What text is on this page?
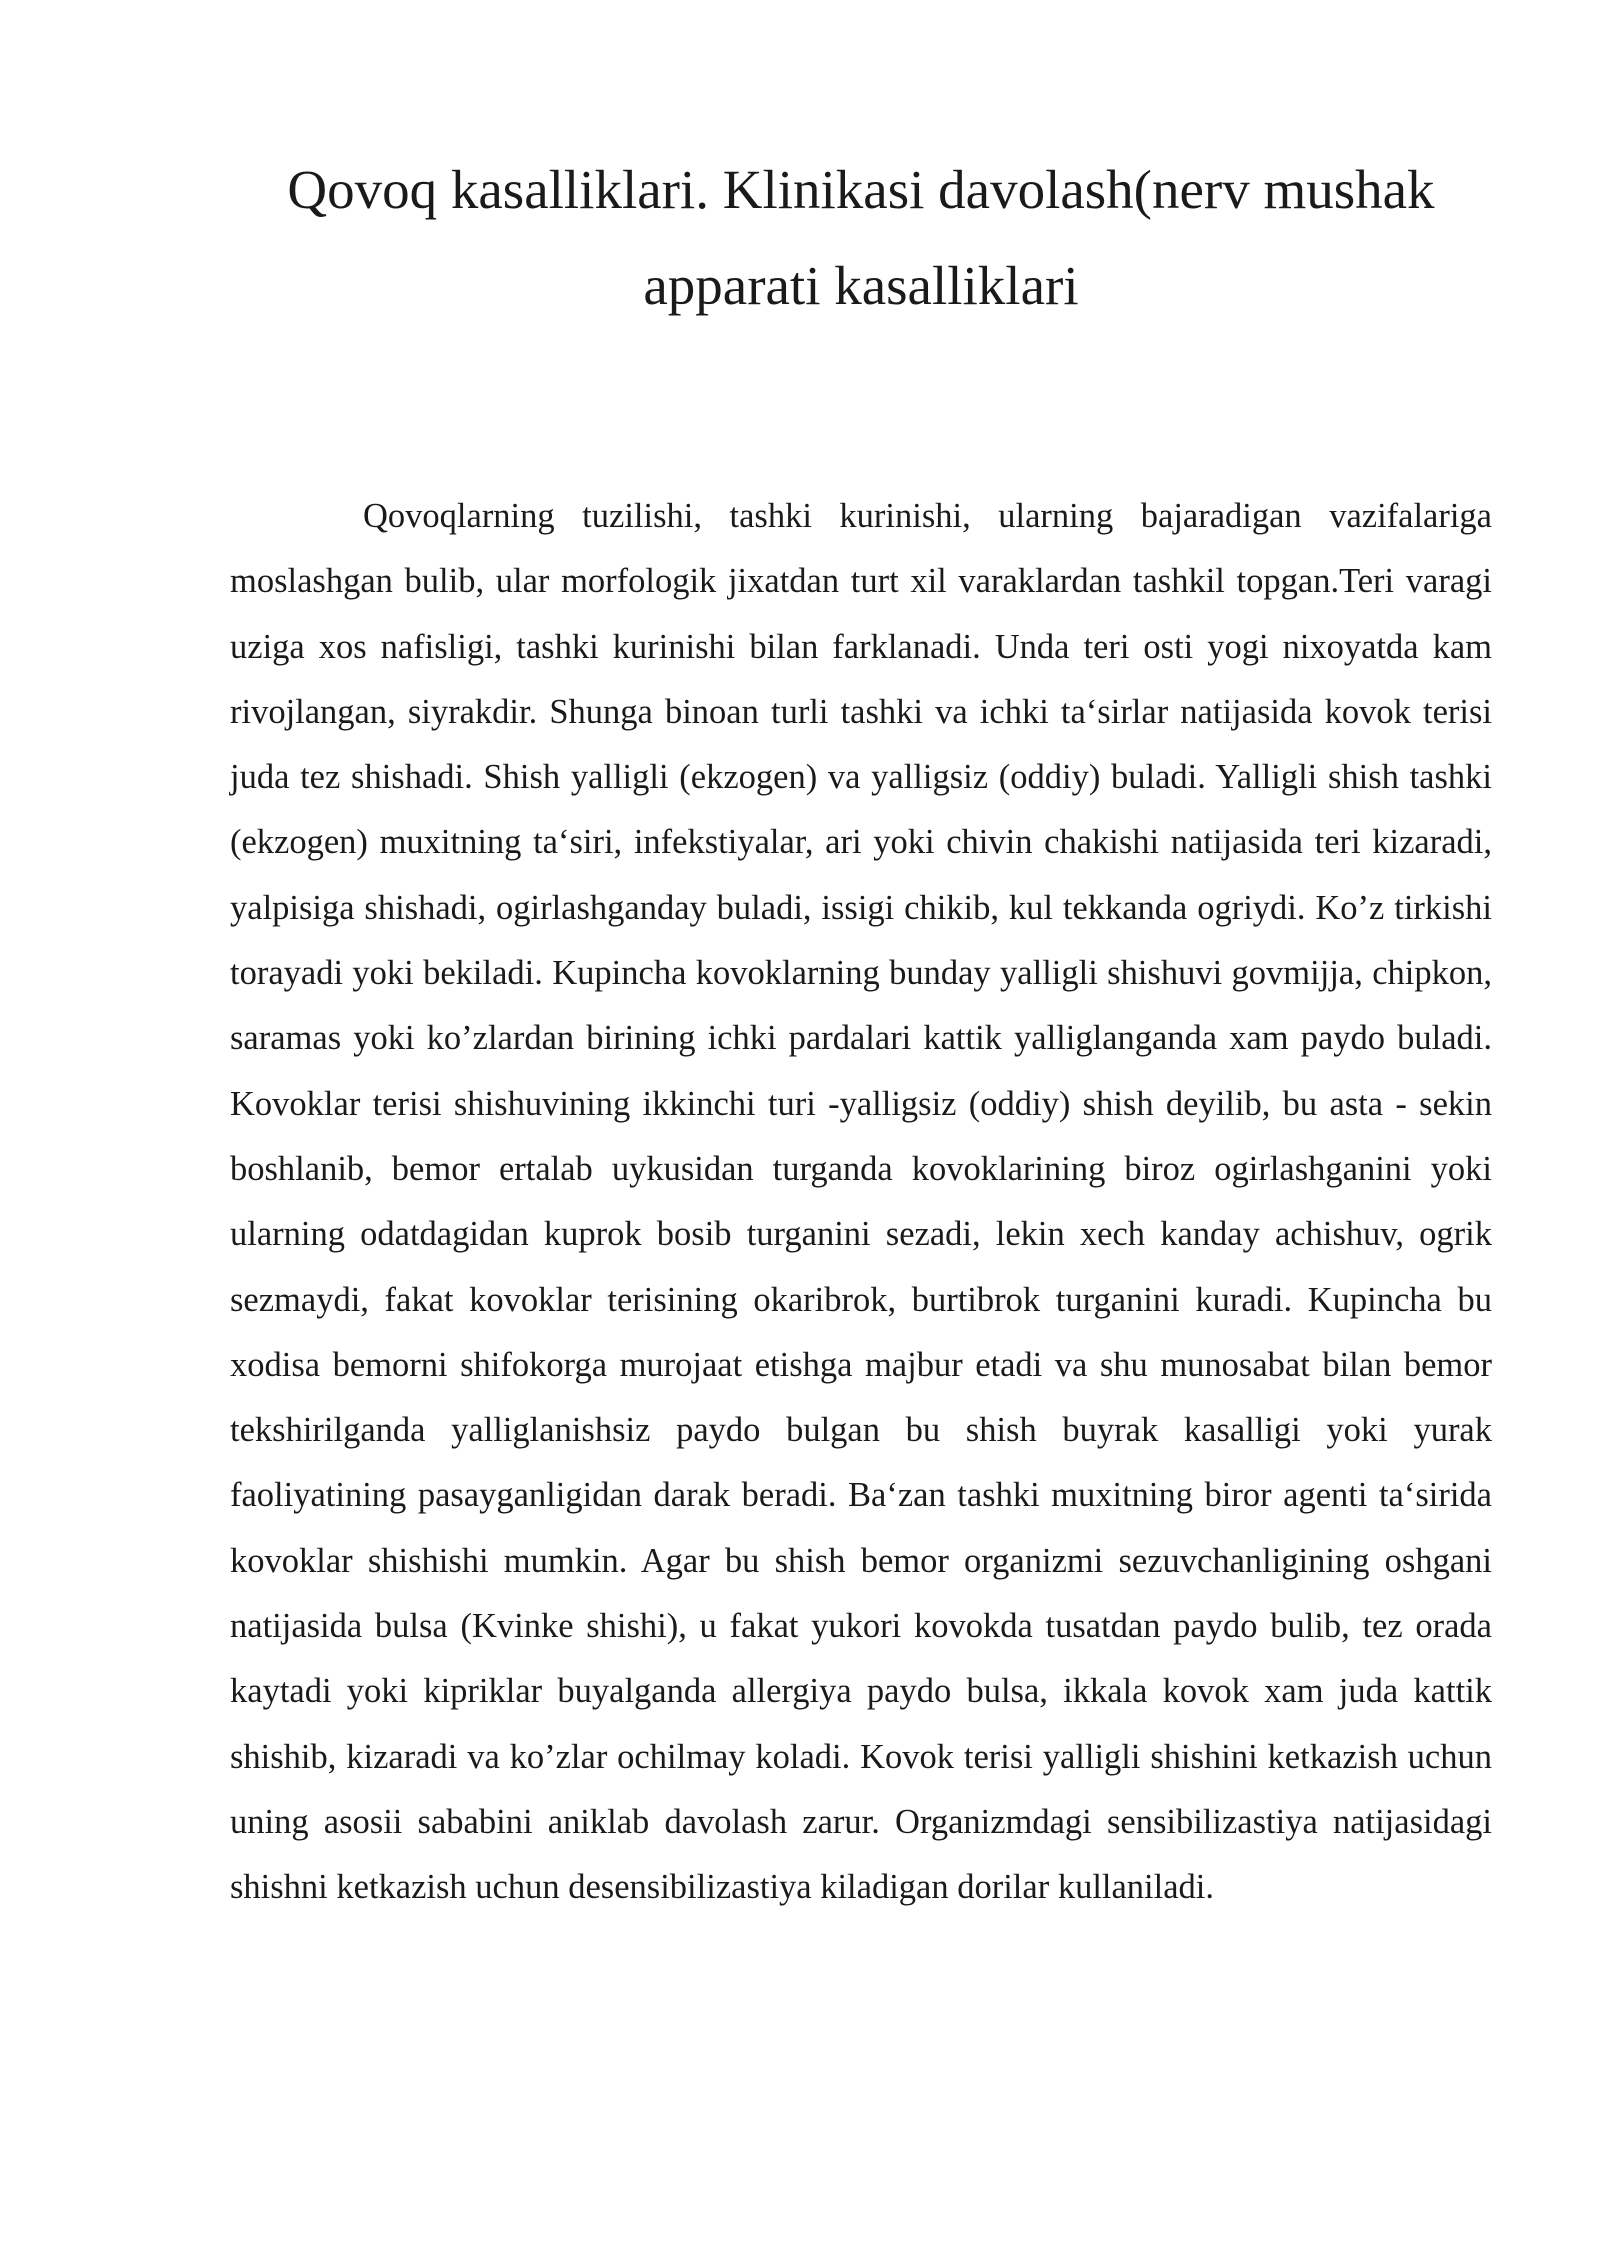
Qovoq kasalliklari. Klinikasi davolash(nerv mushak apparati kasalliklari

Qovoqlarning tuzilishi, tashki kurinishi, ularning bajaradigan vazifalariga moslashgan bulib, ular morfologik jixatdan turt xil varaklardan tashkil topgan.Teri varagi uziga xos nafisligi, tashki kurinishi bilan farklanadi. Unda teri osti yogi nixoyatda kam rivojlangan, siyrakdir. Shunga binoan turli tashki va ichki ta‘sirlar natijasida kovok terisi juda tez shishadi. Shish yalligli (ekzogen) va yalligsiz (oddiy) buladi. Yalligli shish tashki (ekzogen) muxitning ta‘siri, infekstiyalar, ari yoki chivin chakishi natijasida teri kizaradi, yalpisiga shishadi, ogirlashganday buladi, issigi chikib, kul tekkanda ogriydi. Ko’z tirkishi torayadi yoki bekiladi. Kupincha kovoklarning bunday yalligli shishuvi govmijja, chipkon, saramas yoki ko’zlardan birining ichki pardalari kattik yalliglanganda xam paydo buladi. Kovoklar terisi shishuvining ikkinchi turi -yalligsiz (oddiy) shish deyilib, bu asta - sekin boshlanib, bemor ertalab uykusidan turganda kovoklarining biroz ogirlashganini yoki ularning odatdagidan kuprok bosib turganini sezadi, lekin xech kanday achishuv, ogrik sezmaydi, fakat kovoklar terisining okaribrok, burtibrok turganini kuradi. Kupincha bu xodisa bemorni shifokorga murojaat etishga majbur etadi va shu munosabat bilan bemor tekshirilganda yalliglanishsiz paydo bulgan bu shish buyrak kasalligi yoki yurak faoliyatining pasayganligidan darak beradi. Ba‘zan tashki muxitning biror agenti ta‘sirida kovoklar shishishi mumkin. Agar bu shish bemor organizmi sezuvchanligining oshgani natijasida bulsa (Kvinke shishi), u fakat yukori kovokda tusatdan paydo bulib, tez orada kaytadi yoki kipriklar buyalganda allergiya paydo bulsa, ikkala kovok xam juda kattik shishib, kizaradi va ko’zlar ochilmay koladi. Kovok terisi yalligli shishini ketkazish uchun uning asosii sababini aniklab davolash zarur. Organizmdagi sensibilizastiya natijasidagi shishni ketkazish uchun desensibilizastiya kiladigan dorilar kullaniladi.
